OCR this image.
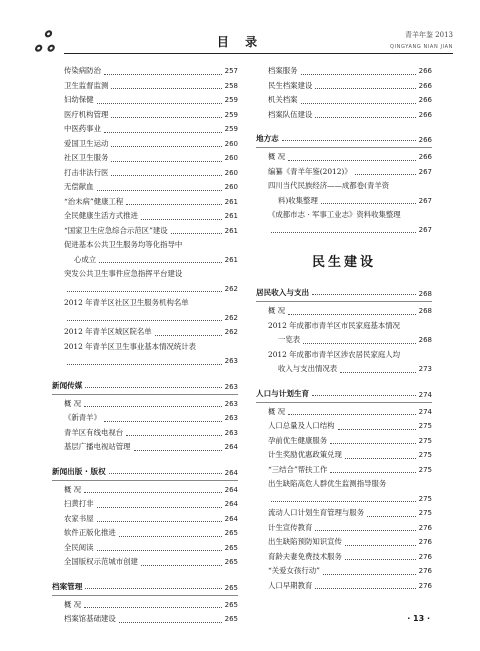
ஃ	目 录	青羊年鉴 2013
QINGYANG NIAN JIAN
传染病防治	257
卫生监督监测	258
妇幼保健	259
医疗机构管理	259
中医药事业	259
爱国卫生运动	260
社区卫生服务	260
打击非法行医	260
无偿献血	260
“治未病”健康工程	261
全民健康生活方式推进	261
“国家卫生应急综合示范区”建设	261
促进基本公共卫生服务均等化指导中
心成立	261
突发公共卫生事件应急指挥平台建设
262
2012 年青羊区社区卫生服务机构名单
262
2012 年青羊区城区院名单	262
2012 年青羊区卫生事业基本情况统计表
263
新闻传媒	263
概 况	263
《新青羊》	263
青羊区有线电视台	263
基层广播电视站管理	264
新闻出版 · 版权	264
概 况	264
扫黄打非	264
农家书屋	264
软件正版化推进	265
全民阅读	265
全国版权示范城市创建	265
档案管理	265
概 况	265
档案馆基础建设	265
档案服务	266
民生档案建设	266
机关档案	266
档案队伍建设	266
地方志	266
概 况	266
编纂《青羊年鉴(2012)》	267
四川当代民族经济——成都卷(青羊资
料)收集整理	267
《成都市志 · 军事工业志》资料收集整理
267
民生建设
居民收入与支出	268
概 况	268
2012 年成都市青羊区市民家庭基本情况
一览表	268
2012 年成都市青羊区涉农居民家庭人均
收入与支出情况表	273
人口与计划生育	274
概 况	274
人口总量及人口结构	275
孕前优生健康服务	275
计生奖励优惠政策兑现	275
“三结合”帮扶工作	275
出生缺陷高危人群优生监测指导服务
275
流动人口计划生育管理与服务	275
计生宣传教育	276
出生缺陷预防知识宣传	276
育龄夫妻免费技术服务	276
“关爱女孩行动”	276
人口早期教育	276
· 13 ·
